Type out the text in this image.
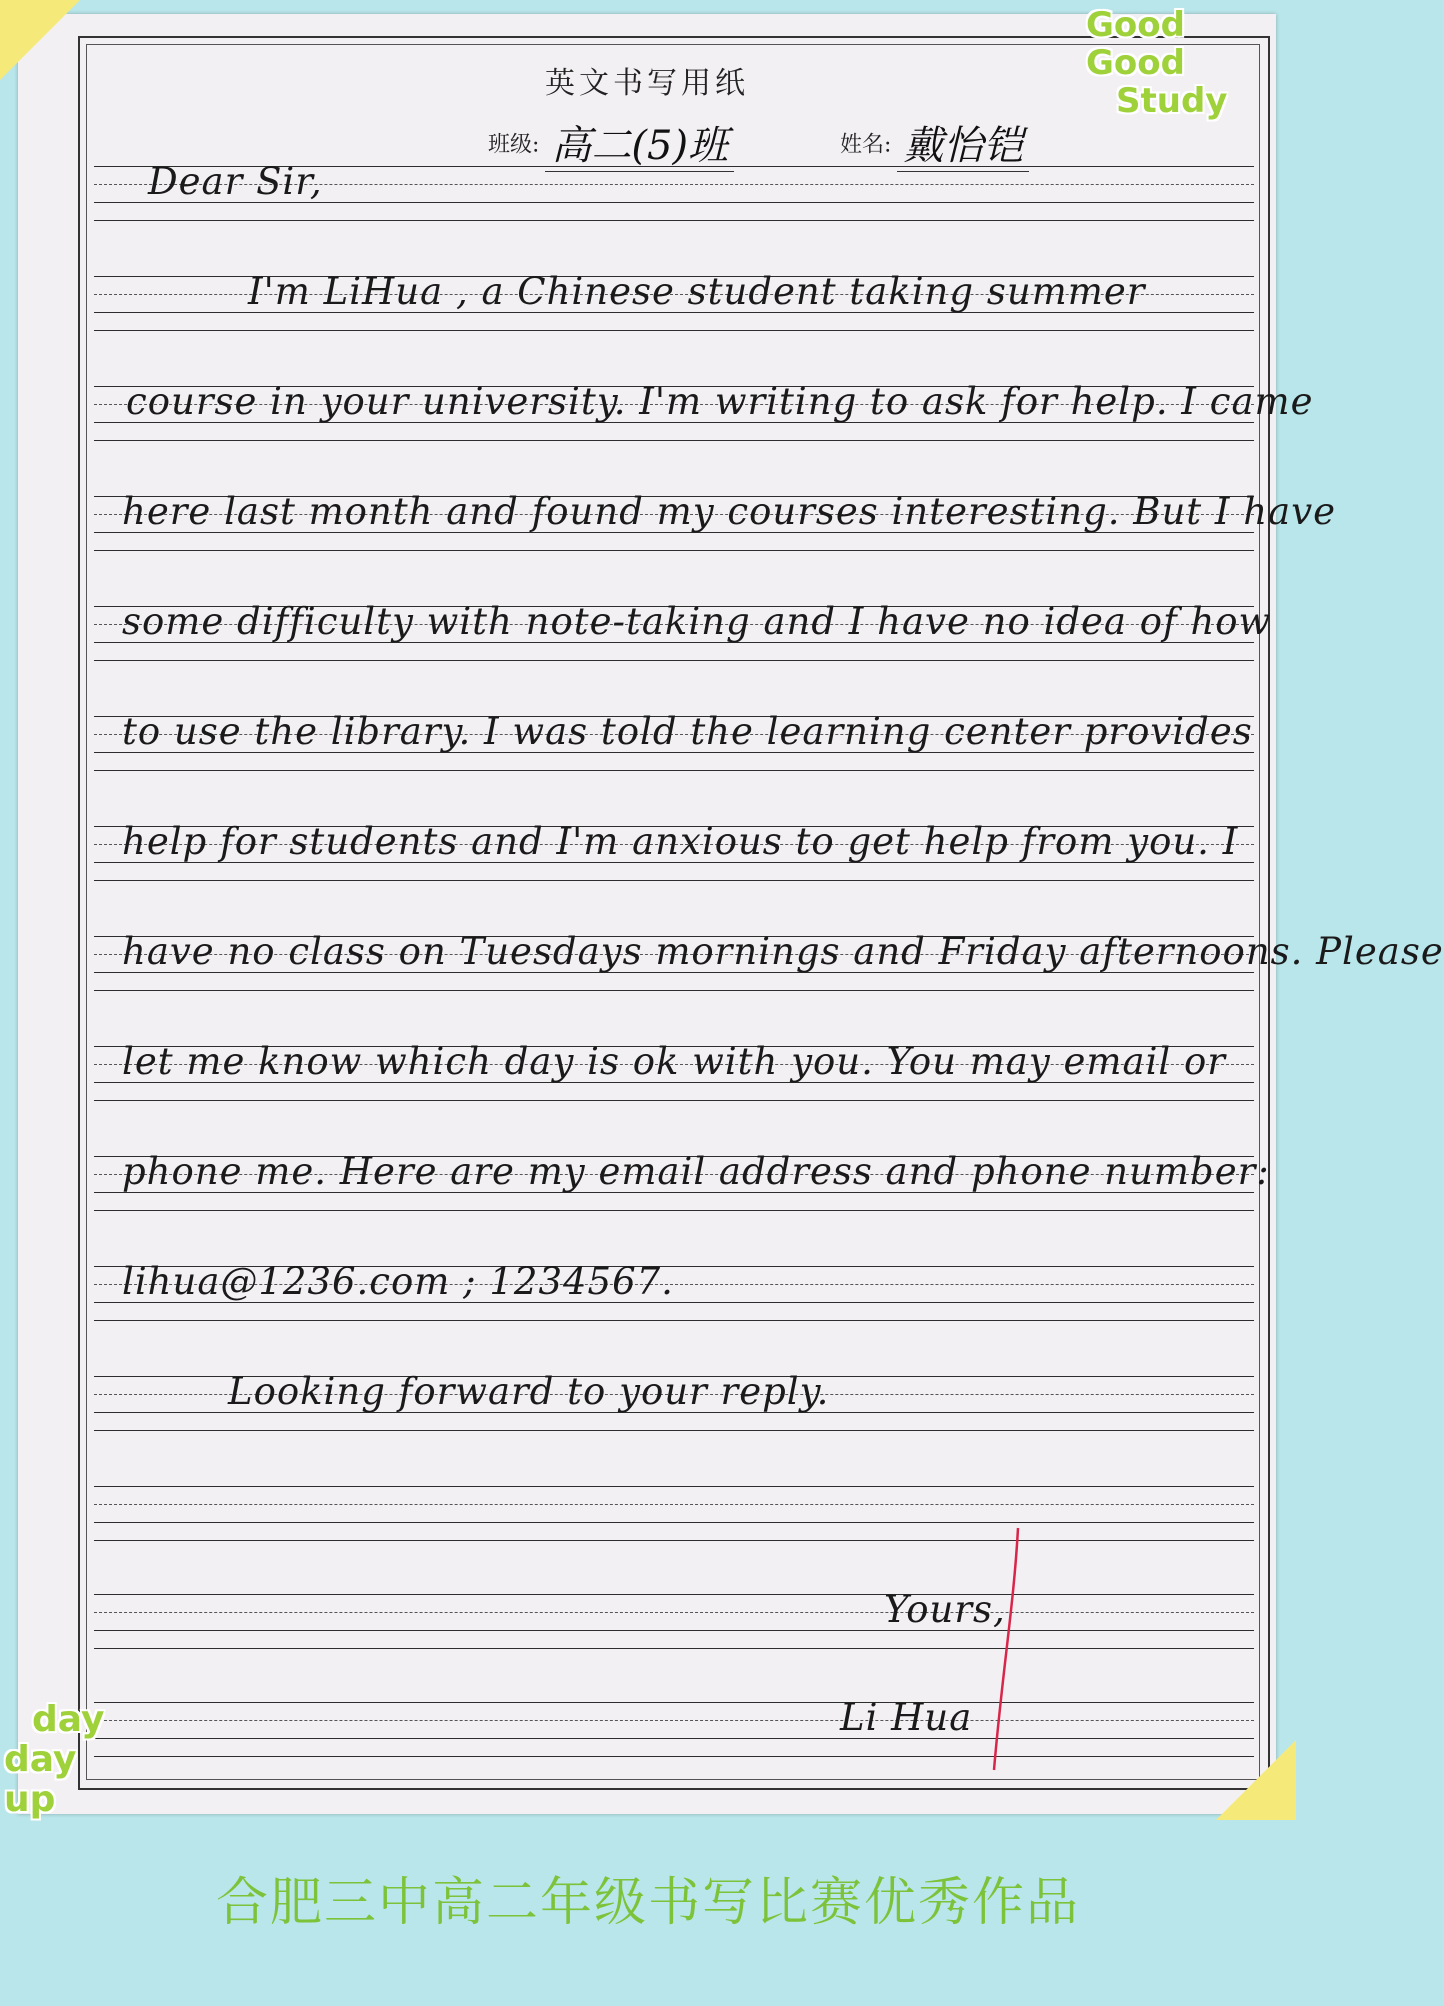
英文书写用纸
班级: 高二(5)班	姓名: 戴怡铠
Dear Sir,
I'm LiHua , a Chinese student taking summer
course in your university. I'm writing to ask for help. I came
here last month and found my courses interesting. But I have
some difficulty with note-taking and I have no idea of how
to use the library. I was told the learning center provides
help for students and I'm anxious to get help from you. I
have no class on Tuesdays mornings and Friday afternoons. Please
let me know which day is ok with you. You may email or
phone me. Here are my email address and phone number:
lihua@1236.com ; 1234567.
Looking forward to your reply.
Yours,
Li Hua
Good Good
Study
day
day up
合肥三中高二年级书写比赛优秀作品
